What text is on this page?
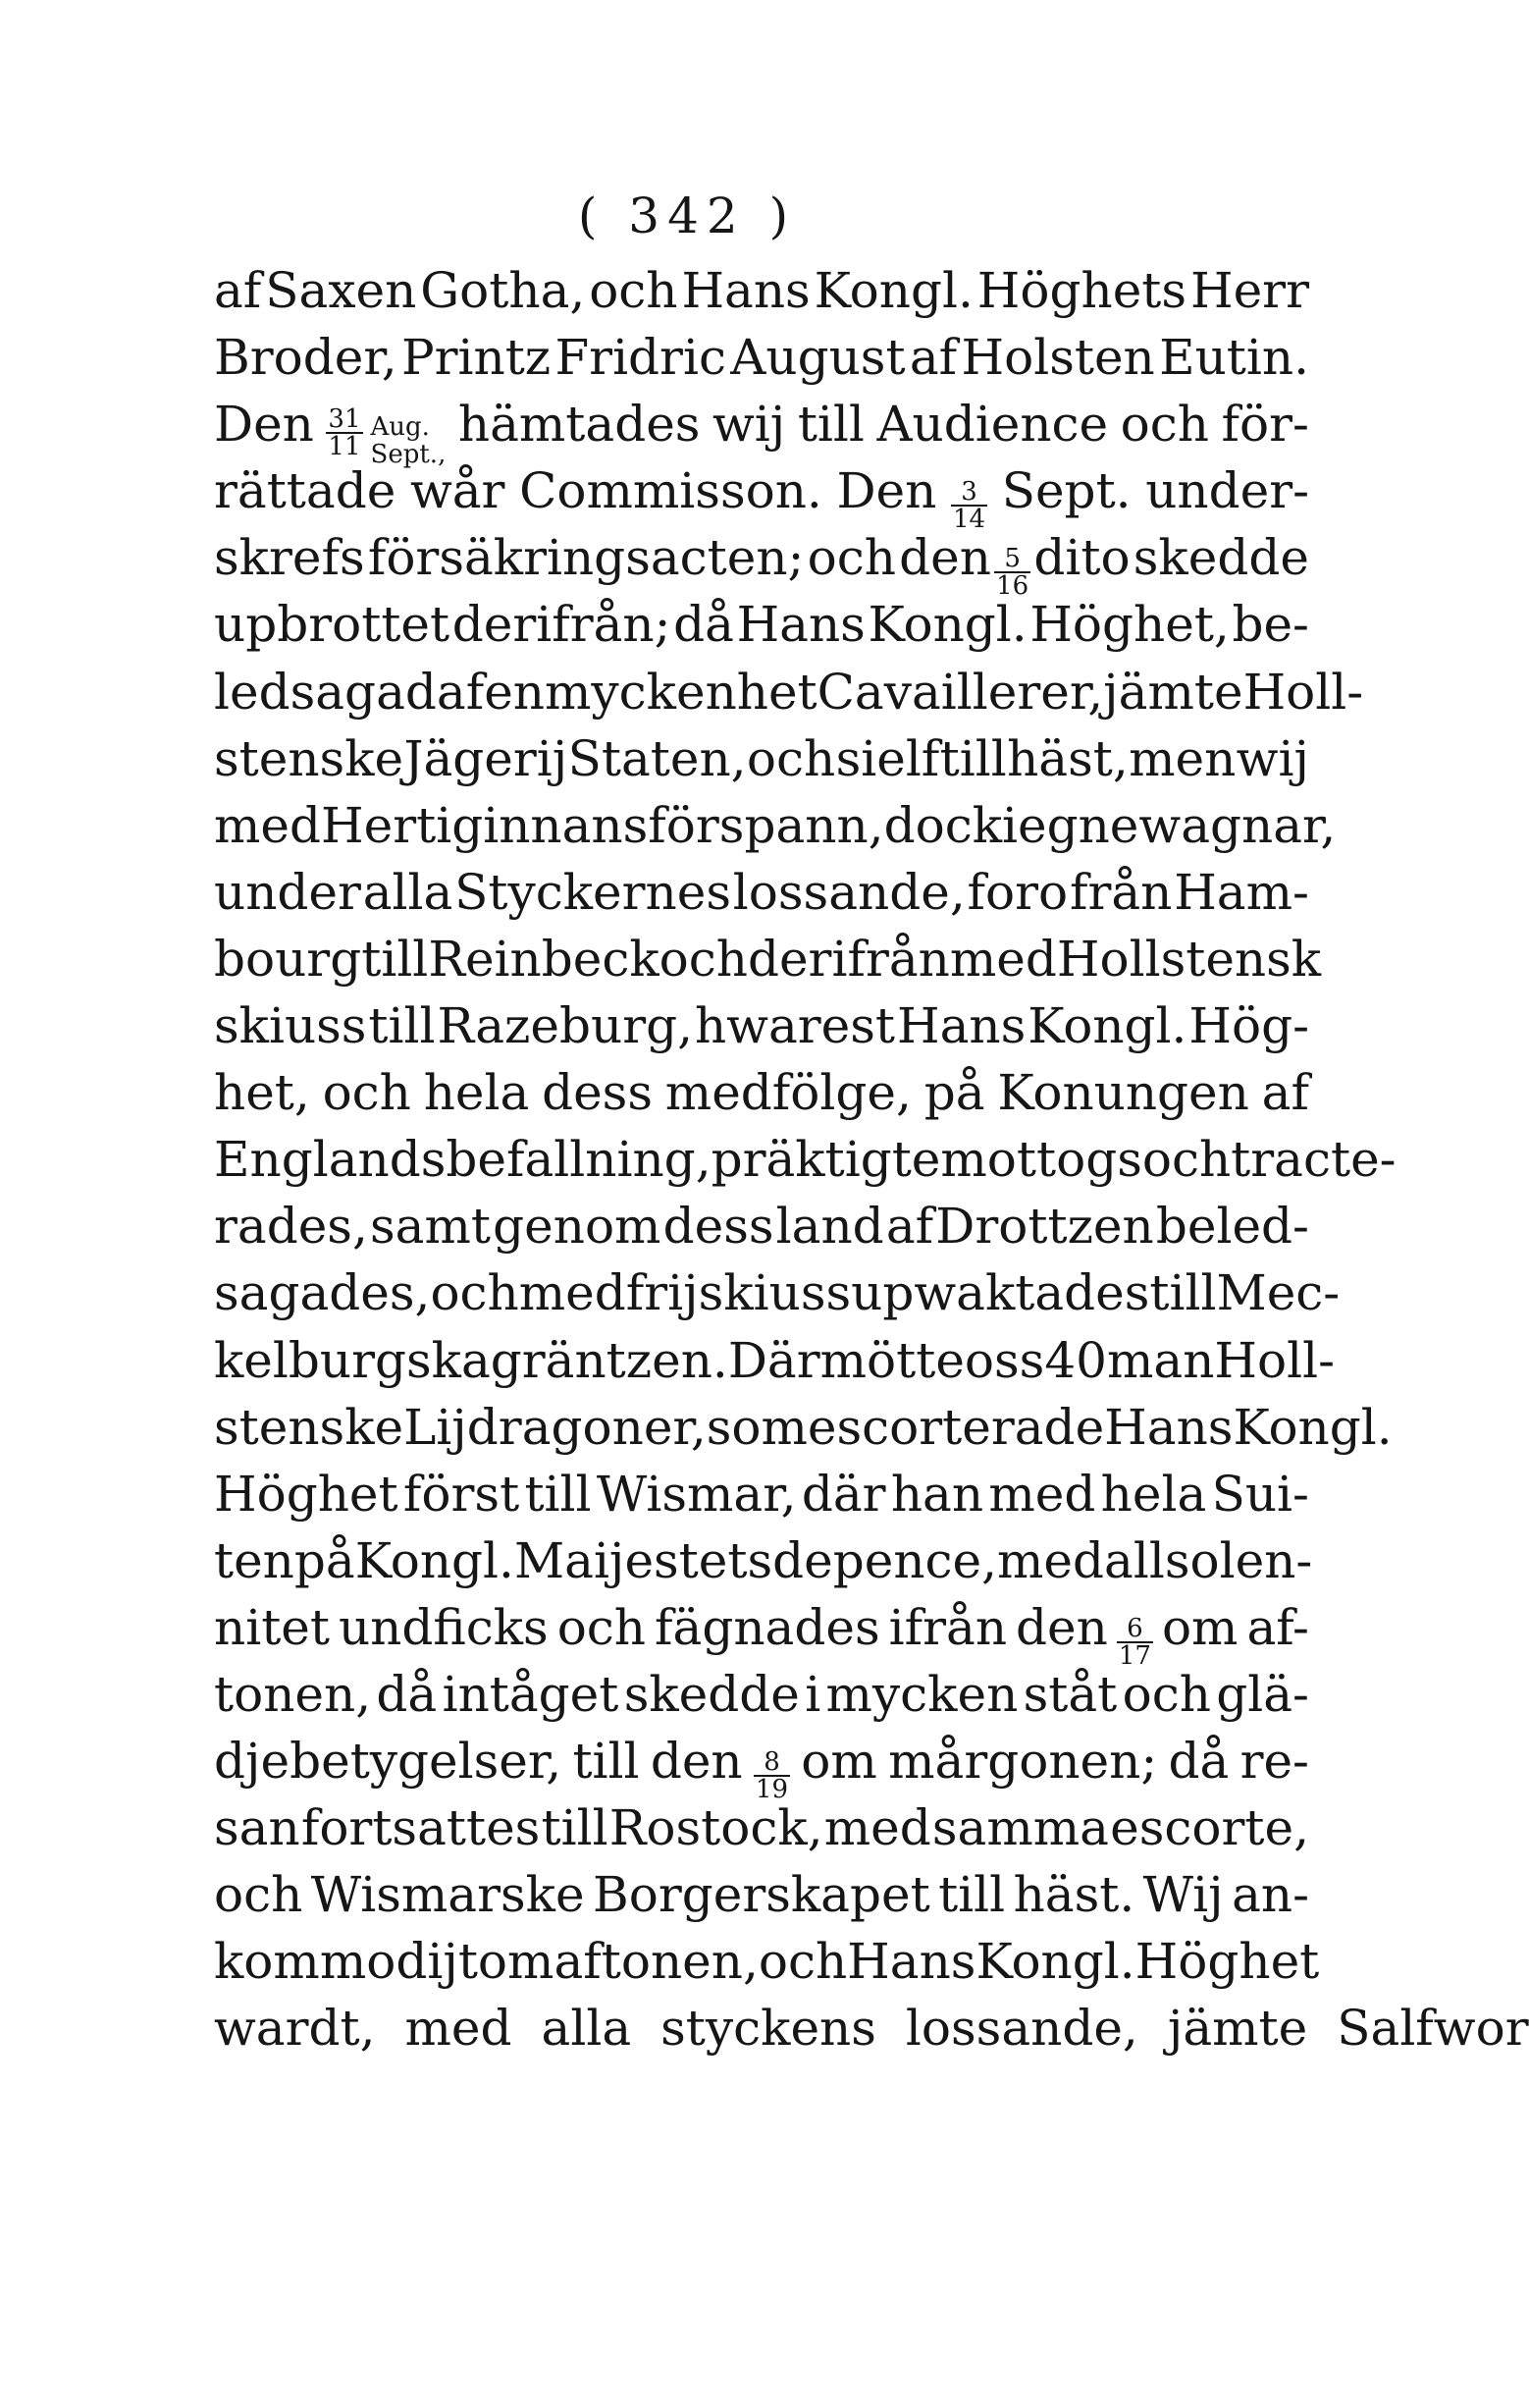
( 342 )
af Saxen Gotha, och Hans Kongl. Höghets Herr
Broder, Printz Fridric August af Holsten Eutin.
Den $\frac{31}{11}$ Aug.
Sept.,
hämtades wij till Audience och för-
rättade wår Commisson. Den $\frac{3}{14}$ Sept. under-
skrefs försäkringsacten; och den $\frac{5}{16}$ dito skedde
upbrottet derifrån; då Hans Kongl. Höghet, be-
ledsagad af en myckenhet Cavaillerer, jämte Holl-
stenske Jägerij Staten, och sielf till häst, men wij
med Hertiginnans förspann, dock i egne wagnar,
under alla Styckernes lossande, foro från Ham-
bourg till Reinbeck och derifrån med Hollstensk
skiuss till Razeburg, hwarest Hans Kongl. Hög-
het, och hela dess medfölge, på Konungen af
Englands befallning, präktigt emottogs och tracte-
rades, samt genom dess land af Drottzen beled-
sagades, och med frij skiuss upwaktades till Mec-
kelburgska gräntzen. Där mötte oss 40 man Holl-
stenske Lijdragoner, som escorterade Hans Kongl.
Höghet först till Wismar, där han med hela Sui-
ten på Kongl. Maijestets depence, med all solen-
nitet undficks och fägnades ifrån den $\frac{6}{17}$ om af-
tonen, då intåget skedde i mycken ståt och glä-
djebetygelser, till den $\frac{8}{19}$ om mårgonen; då re-
san fortsattes till Rostock, med samma escorte,
och Wismarske Borgerskapet till häst. Wij an-
kommo dijt om aftonen, och Hans Kongl. Höghet
wardt, med alla styckens lossande, jämte Salfwor
